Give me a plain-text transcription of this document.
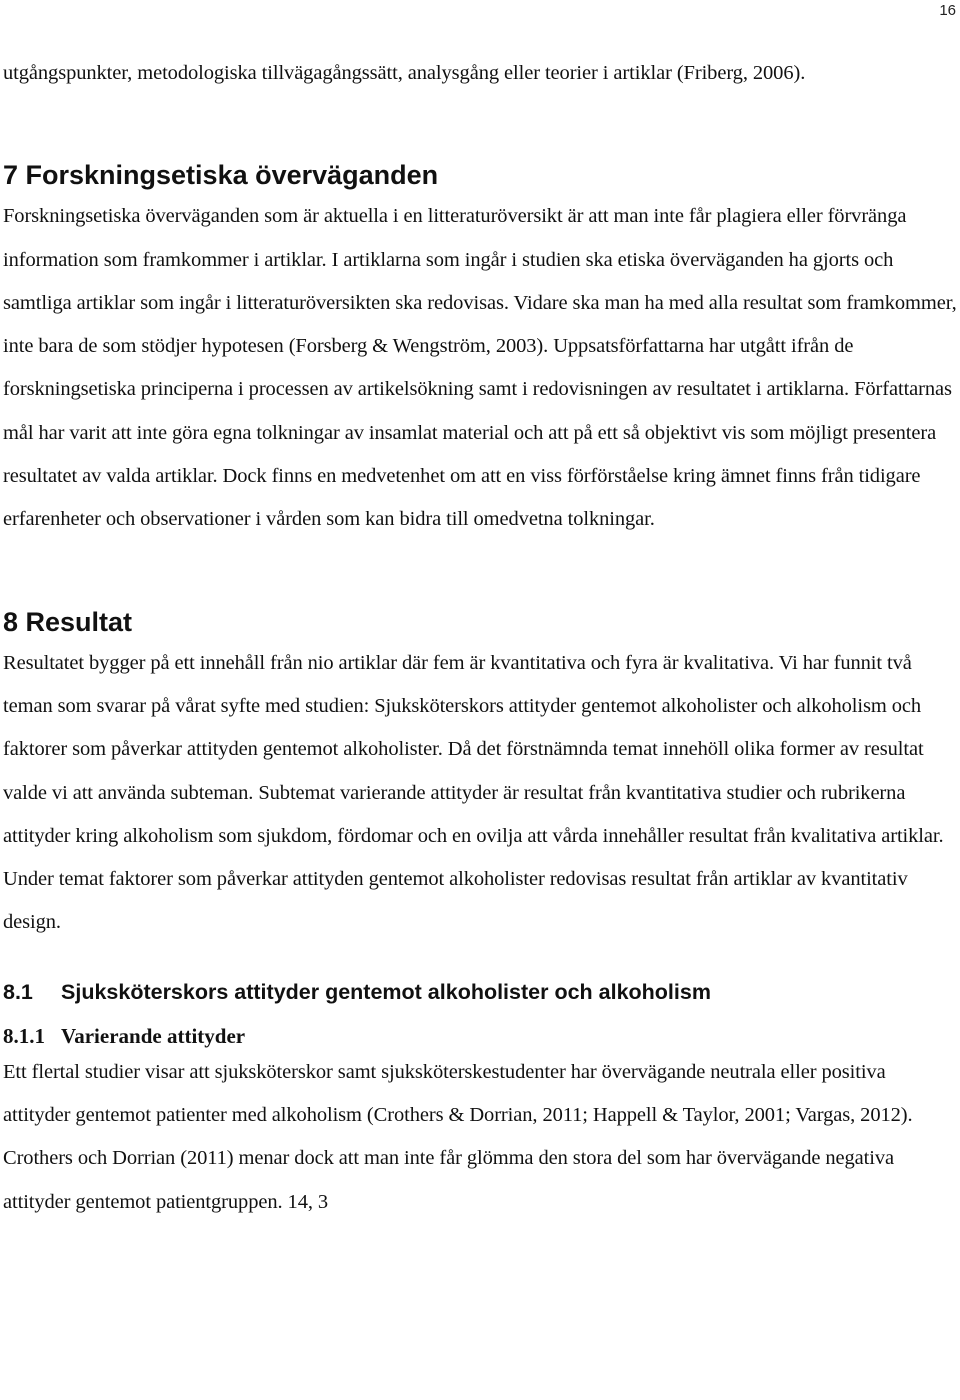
16

utgångspunkter, metodologiska tillvägagångssätt, analysgång eller teorier i artiklar (Friberg, 2006).

7 Forskningsetiska överväganden

Forskningsetiska överväganden som är aktuella i en litteraturöversikt är att man inte får plagiera eller förvränga information som framkommer i artiklar. I artiklarna som ingår i studien ska etiska överväganden ha gjorts och samtliga artiklar som ingår i litteraturöversikten ska redovisas. Vidare ska man ha med alla resultat som framkommer, inte bara de som stödjer hypotesen (Forsberg & Wengström, 2003). Uppsatsförfattarna har utgått ifrån de forskningsetiska principerna i processen av artikelsökning samt i redovisningen av resultatet i artiklarna. Författarnas mål har varit att inte göra egna tolkningar av insamlat material och att på ett så objektivt vis som möjligt presentera resultatet av valda artiklar. Dock finns en medvetenhet om att en viss förförståelse kring ämnet finns från tidigare erfarenheter och observationer i vården som kan bidra till omedvetna tolkningar.

8 Resultat

Resultatet bygger på ett innehåll från nio artiklar där fem är kvantitativa och fyra är kvalitativa. Vi har funnit två teman som svarar på vårat syfte med studien: Sjuksköterskors attityder gentemot alkoholister och alkoholism och faktorer som påverkar attityden gentemot alkoholister. Då det förstnämnda temat innehöll olika former av resultat valde vi att använda subteman. Subtemat varierande attityder är resultat från kvantitativa studier och rubrikerna attityder kring alkoholism som sjukdom, fördomar och en ovilja att vårda innehåller resultat från kvalitativa artiklar. Under temat faktorer som påverkar attityden gentemot alkoholister redovisas resultat från artiklar av kvantitativ design.

8.1 Sjuksköterskors attityder gentemot alkoholister och alkoholism
8.1.1 Varierande attityder

Ett flertal studier visar att sjuksköterskor samt sjuksköterskestudenter har övervägande neutrala eller positiva attityder gentemot patienter med alkoholism (Crothers & Dorrian, 2011; Happell & Taylor, 2001; Vargas, 2012). Crothers och Dorrian (2011) menar dock att man inte får glömma den stora del som har övervägande negativa attityder gentemot patientgruppen. 14, 3
